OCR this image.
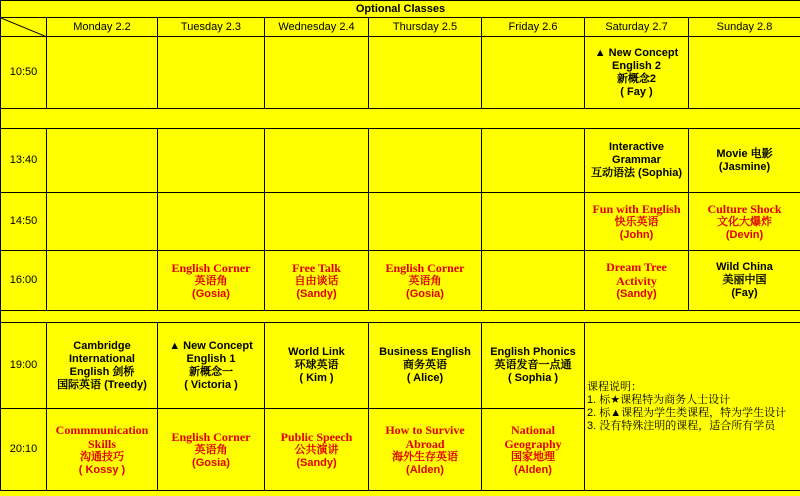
Optional Classes							

	Monday 2.2	Tuesday 2.3	Wednesday 2.4	Thursday 2.5	Friday 2.6	Saturday 2.7	Sunday 2.8
10:50						▲ New Concept
English 2
新概念2
( Fay )	

13:40						Interactive
Grammar
互动语法 (Sophia)	Movie 电影
(Jasmine)

14:50						Fun with English
快乐英语
(John)	Culture Shock
文化大爆炸
(Devin)

16:00		English Corner
英语角
(Gosia)	Free Talk
自由谈话
(Sandy)	English Corner
英语角
(Gosia)		Dream Tree
Activity
(Sandy)	Wild China
美丽中国
(Fay)

19:00	Cambridge
International
English 剑桥
国际英语 (Treedy)	▲ New Concept
English 1
新概念一
( Victoria )	World Link
环球英语
( Kim )	Business English
商务英语
( Alice)	English Phonics
英语发音一点通
( Sophia )	课程说明：
1. 标★课程特为商务人士设计
2. 标▲课程为学生类课程，特为学生设计
3. 没有特殊注明的课程，适合所有学员	

20:10	Commmunication
Skills
沟通技巧
( Kossy )	English Corner
英语角
(Gosia)	Public Speech
公共演讲
(Sandy)	How to Survive
Abroad
海外生存英语
(Alden)	National
Geography
国家地理
(Alden)		
